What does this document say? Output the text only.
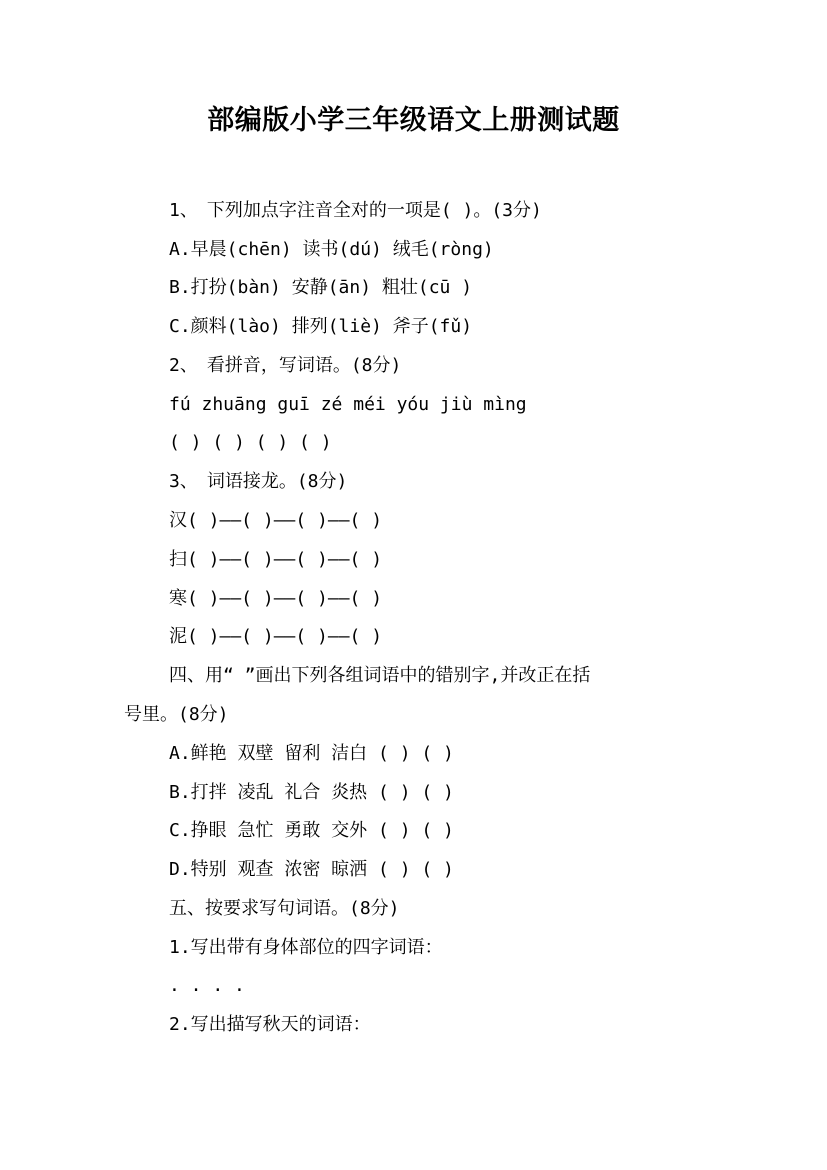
部编版小学三年级语文上册测试题

1、　下列加点字注音全对的一项是( )。(3分)

A.早晨(chēn) 读书(dú) 绒毛(ròng)

B.打扮(bàn) 安静(ān) 粗壮(cū )

C.颜料(lào) 排列(liè) 斧子(fǔ)

2、　看拼音，写词语。(8分)

fú zhuāng guī zé méi yóu jiù mìng

( ) ( ) ( ) ( )

3、　词语接龙。(8分)

汉( )——( )——( )——( )

扫( )——( )——( )——( )

寒( )——( )——( )——( )

泥( )——( )——( )——( )

四、用“ ”画出下列各组词语中的错别字,并改正在括

号里。(8分)

A.鲜艳 双壁 留利 洁白 ( ) ( )

B.打拌 凌乱 礼合 炎热 ( ) ( )

C.挣眼 急忙 勇敢 交外 ( ) ( )

D.特别 观查 浓密 晾洒 ( ) ( )

五、按要求写句词语。(8分)

1.写出带有身体部位的四字词语：

. . . .

2.写出描写秋天的词语：
